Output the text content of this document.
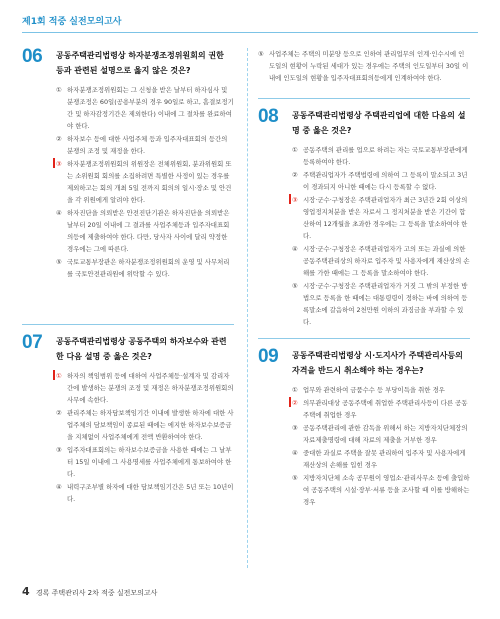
제1회 적중 실전모의고사
06 공동주택관리법령상 하자분쟁조정위원회의 권한 등과 관련된 설명으로 옳지 않은 것은?

① 하자분쟁조정위원회는 그 신청을 받은 날부터 하자심사 및 분쟁조정은 60일(공용부분의 경우 90일로 하고, 흠결보정기간 및 하자감정기간은 제외한다) 이내에 그 절차를 완료하여야 한다.

② 하자보수 등에 대한 사업주체 등과 입주자대표회의 등간의 분쟁의 조정 및 재정을 한다.

③ 하자분쟁조정위원회의 위원장은 전체위원회, 분과위원회 또는 소위원회 회의를 소집하려면 특별한 사정이 있는 경우를 제외하고는 회의 개최 5일 전까지 회의의 일시·장소 및 안건을 각 위원에게 알려야 한다.

④ 하자진단을 의뢰받은 안전진단기관은 하자진단을 의뢰받은 날부터 20일 이내에 그 결과를 사업주체등과 입주자대표회의등에 제출하여야 한다. 다만, 당사자 사이에 달리 약정한 경우에는 그에 따른다.

⑤ 국토교통부장관은 하자분쟁조정위원회의 운영 및 사무처리를 국토안전관리원에 위탁할 수 있다.

07 공동주택관리법령상 공동주택의 하자보수와 관련한 다음 설명 중 옳은 것은?

① 하자의 책임범위 등에 대하여 사업주체등·설계자 및 감리자 간에 발생하는 분쟁의 조정 및 재정은 하자분쟁조정위원회의 사무에 속한다.

② 관리주체는 하자담보책임기간 이내에 발생한 하자에 대한 사업주체의 담보책임이 종료된 때에는 에지한 하자보수보증금을 지체없이 사업주체에게 전액 반환하여야 한다.

③ 입주자대표회의는 하자보수보증금을 사용한 때에는 그 날부터 15일 이내에 그 사용명세를 사업주체에게 통보하여야 한다.

④ 내력구조부별 하자에 대한 담보책임기간은 5년 또는 10년이다.

⑤ 사업주체는 주택의 미분양 등으로 인하여 관리업무의 인계·인수시에 인도일의 현황이 누락된 세대가 있는 경우에는 주택의 인도일부터 30일 이내에 인도일의 현황을 입주자대표회의등에게 인계하여야 한다.

08 공동주택관리법령상 주택관리업에 대한 다음의 설명 중 옳은 것은?

① 공동주택의 관리를 업으로 하려는 자는 국토교통부장관에게 등록하여야 한다.

② 주택관리업자가 주택법령에 의하여 그 등록이 말소되고 3년이 경과되지 아니한 때에는 다시 등록할 수 없다.

③ 시장·군수·구청장은 주택관리업자가 최근 3년간 2회 이상의 영업정지처분을 받은 자로서 그 정지처분을 받은 기간이 합산하여 12개월을 초과한 경우에는 그 등록을 말소하여야 한다.

④ 시장·군수·구청장은 주택관리업자가 고의 또는 과실에 의한 공동주택관리상의 하자로 입주자 및 사용자에게 재산상의 손해를 가한 때에는 그 등록을 말소하여야 한다.

⑤ 시장·군수·구청장은 주택관리업자가 거짓 그 밖의 부정한 방법으로 등록을 한 때에는 대통령령이 정하는 바에 의하여 등록말소에 갈음하여 2천만원 이하의 과징금을 부과할 수 있다.

09 공동주택관리법령상 시·도지사가 주택관리사등의 자격을 반드시 취소해야 하는 경우는?

① 업무와 관련하여 금품수수 등 부당이득을 취한 경우

② 의무관리대상 공동주택에 취업한 주택관리사등이 다른 공동주택에 취업한 경우

③ 공동주택관리에 관한 감독을 위해서 하는 지방자치단체장의 자료제출명령에 대해 자료의 제출을 거부한 경우

④ 중대한 과실로 주택을 잘못 관리하여 입주자 및 사용자에게 재산상의 손해를 입힌 경우

⑤ 지방자치단체 소속 공무원이 영업소·관리사무소 등에 출입하여 공동주택의 시설·장부·서류 등을 조사할 때 이를 방해하는 경우

4 경록 주택관리사 2차 적중 실전모의고사
